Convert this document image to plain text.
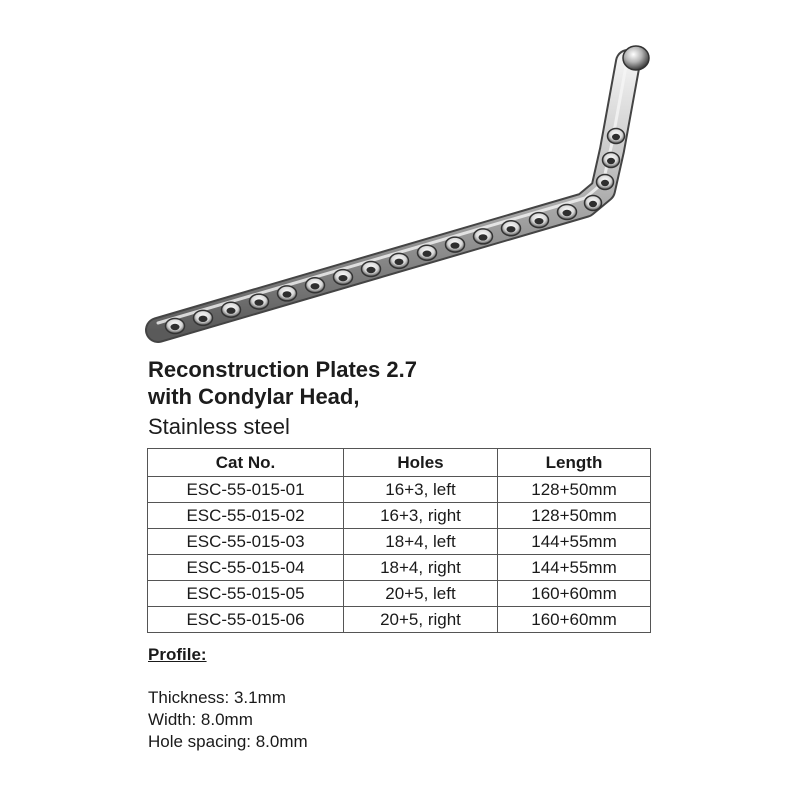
Reconstruction Plates 2.7
with Condylar Head,
Stainless steel
Cat No.	Holes	Length
ESC-55-015-01	16+3, left	128+50mm
ESC-55-015-02	16+3, right	128+50mm
ESC-55-015-03	18+4, left	144+55mm
ESC-55-015-04	18+4, right	144+55mm
ESC-55-015-05	20+5, left	160+60mm
ESC-55-015-06	20+5, right	160+60mm
Profile:
Thickness: 3.1mm
Width: 8.0mm
Hole spacing: 8.0mm
